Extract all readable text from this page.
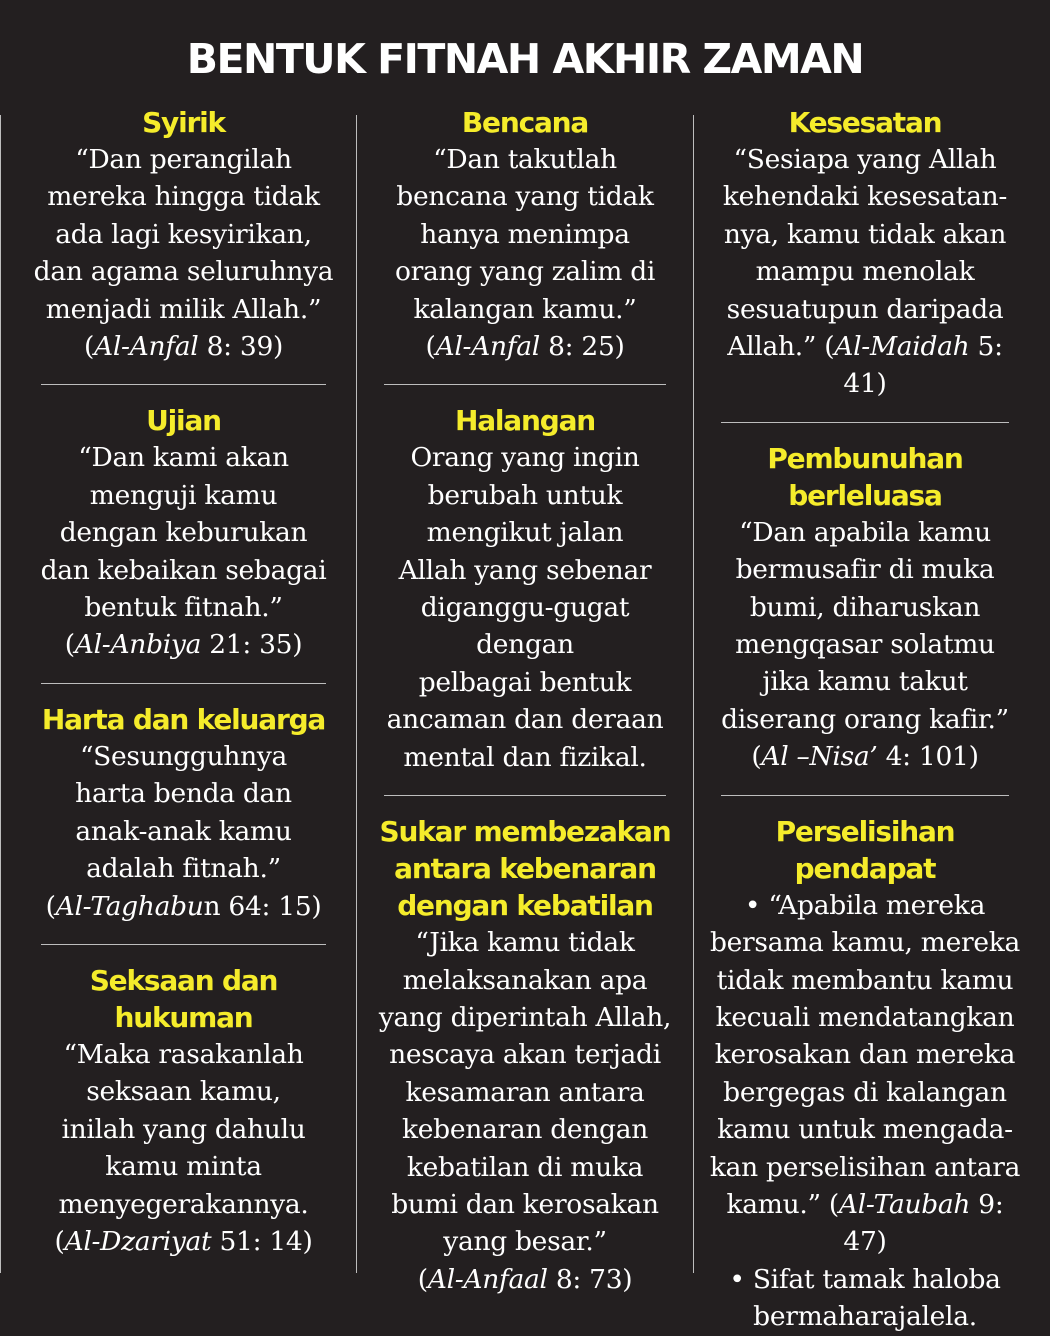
BENTUK FITNAH AKHIR ZAMAN
Syirik
“Dan perangilah
mereka hingga tidak
ada lagi kesyirikan,
dan agama seluruhnya
menjadi milik Allah.”
(Al-Anfal 8: 39)
Ujian
“Dan kami akan
menguji kamu
dengan keburukan
dan kebaikan sebagai
bentuk fitnah.”
(Al-Anbiya 21: 35)
Harta dan keluarga
“Sesungguhnya
harta benda dan
anak-anak kamu
adalah fitnah.”
(Al-Taghabun 64: 15)
Seksaan dan
hukuman
“Maka rasakanlah
seksaan kamu,
inilah yang dahulu
kamu minta
menyegerakannya.
(Al-Dzariyat 51: 14)
Bencana
“Dan takutlah
bencana yang tidak
hanya menimpa
orang yang zalim di
kalangan kamu.”
(Al-Anfal 8: 25)
Halangan
Orang yang ingin
berubah untuk
mengikut jalan
Allah yang sebenar
diganggu-gugat dengan
pelbagai bentuk
ancaman dan deraan
mental dan fizikal.
Sukar membezakan
antara kebenaran
dengan kebatilan
“Jika kamu tidak
melaksanakan apa
yang diperintah Allah,
nescaya akan terjadi
kesamaran antara
kebenaran dengan
kebatilan di muka
bumi dan kerosakan
yang besar.”
(Al-Anfaal 8: 73)
Kesesatan
“Sesiapa yang Allah
kehendaki kesesatan-
nya, kamu tidak akan
mampu menolak
sesuatupun daripada
Allah.” (Al-Maidah 5: 41)
Pembunuhan
berleluasa
“Dan apabila kamu
bermusafir di muka
bumi, diharuskan
mengqasar solatmu
jika kamu takut
diserang orang kafir.”
(Al –Nisa’ 4: 101)
Perselisihan
pendapat
• “Apabila mereka
bersama kamu, mereka
tidak membantu kamu
kecuali mendatangkan
kerosakan dan mereka
bergegas di kalangan
kamu untuk mengada-
kan perselisihan antara
kamu.” (Al-Taubah 9: 47)
• Sifat tamak haloba
bermaharajalela.
